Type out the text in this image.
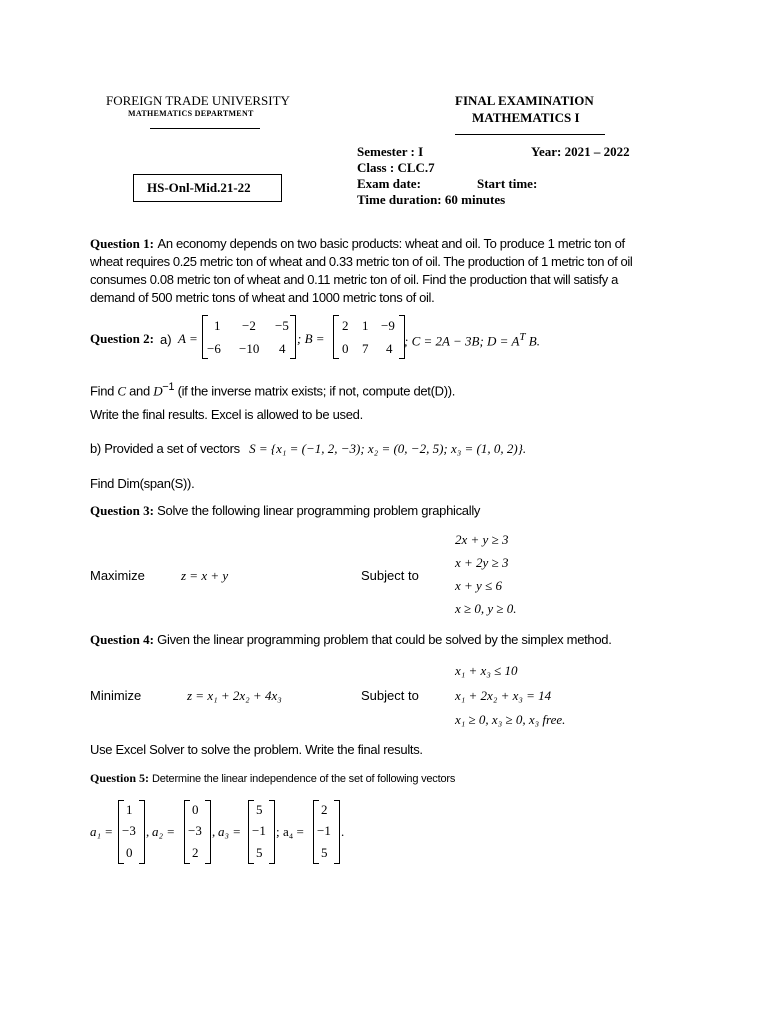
FOREIGN TRADE UNIVERSITY
MATHEMATICS DEPARTMENT
FINAL EXAMINATION
MATHEMATICS I
HS-Onl-Mid.21-22
Semester : I	Year: 2021 – 2022
Class : CLC.7
Exam date:	Start time:
Time duration: 60 minutes
Question 1: An economy depends on two basic products: wheat and oil. To produce 1 metric ton of
wheat requires 0.25 metric ton of wheat and 0.33 metric ton of oil. The production of 1 metric ton of oil
consumes 0.08 metric ton of wheat and 0.11 metric ton of oil. Find the production that will satisfy a
demand of 500 metric tons of wheat and 1000 metric tons of oil.
Question 2: a) A =
1 −2 −5
−6 −10 4
; B =
2 1 −9
0 7 4
; C = 2A − 3B; $D = A^T$ B.
Find C and $D^{-1}$ (if the inverse matrix exists; if not, compute det(D)).
Write the final results. Excel is allowed to be used.
b) Provided a set of vectors S = {x₁ = (−1, 2, −3); x₂ = (0, −2, 5); x₃ = (1, 0, 2)}.
Find Dim(span(S)).
Question 3: Solve the following linear programming problem graphically
Maximize	z = x + y	Subject to
2x + y ≥ 3
x + 2y ≥ 3
x + y ≤ 6
x ≥ 0, y ≥ 0.
Question 4: Given the linear programming problem that could be solved by the simplex method.
x₁ + x₃ ≤ 10
Minimize	z = x₁ + 2x₂ + 4x₃	Subject to	x₁ + 2x₂ + x₃ = 14
x₁ ≥ 0, x₃ ≥ 0, x₃ free.
Use Excel Solver to solve the problem. Write the final results.
Question 5: Determine the linear independence of the set of following vectors
a₁ =
1
−3
0
, a₂ =
0
−3
2
, a₃ =
5
−1
5
; a₄ =
2
−1
5
.
